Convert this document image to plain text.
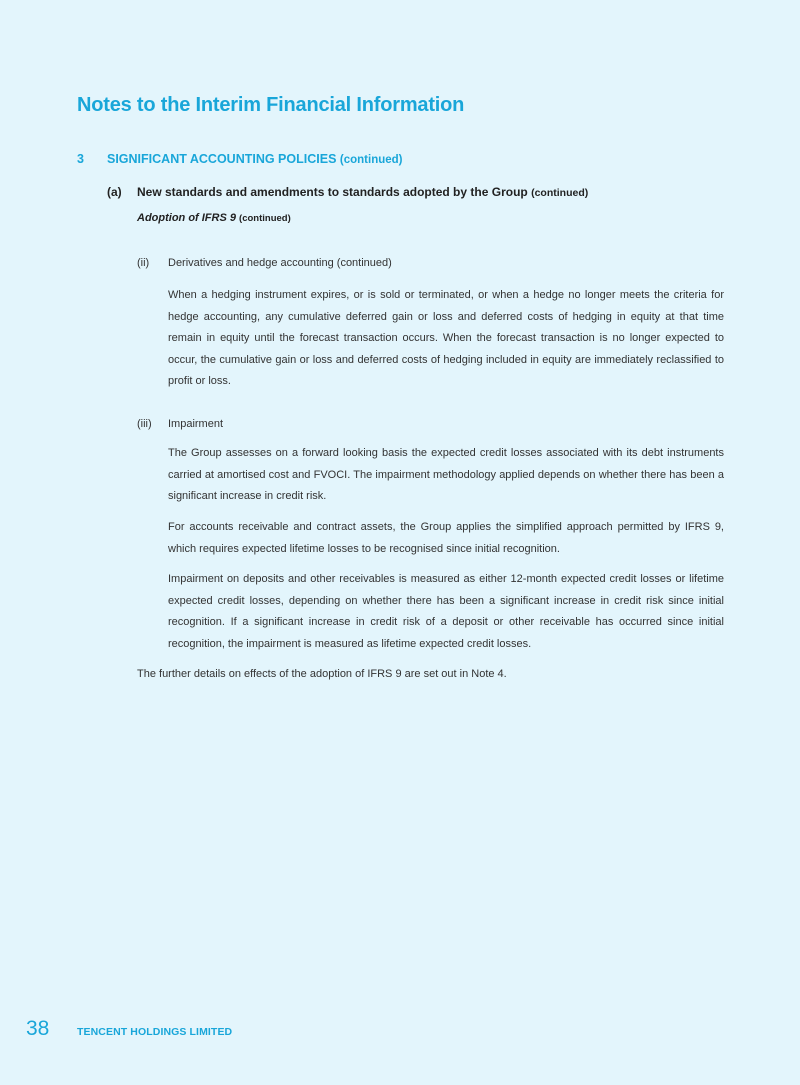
Notes to the Interim Financial Information
3 SIGNIFICANT ACCOUNTING POLICIES (continued)
(a) New standards and amendments to standards adopted by the Group (continued)
Adoption of IFRS 9 (continued)
(ii) Derivatives and hedge accounting (continued)
When a hedging instrument expires, or is sold or terminated, or when a hedge no longer meets the criteria for hedge accounting, any cumulative deferred gain or loss and deferred costs of hedging in equity at that time remain in equity until the forecast transaction occurs. When the forecast transaction is no longer expected to occur, the cumulative gain or loss and deferred costs of hedging included in equity are immediately reclassified to profit or loss.
(iii) Impairment
The Group assesses on a forward looking basis the expected credit losses associated with its debt instruments carried at amortised cost and FVOCI. The impairment methodology applied depends on whether there has been a significant increase in credit risk.
For accounts receivable and contract assets, the Group applies the simplified approach permitted by IFRS 9, which requires expected lifetime losses to be recognised since initial recognition.
Impairment on deposits and other receivables is measured as either 12-month expected credit losses or lifetime expected credit losses, depending on whether there has been a significant increase in credit risk since initial recognition. If a significant increase in credit risk of a deposit or other receivable has occurred since initial recognition, the impairment is measured as lifetime expected credit losses.
The further details on effects of the adoption of IFRS 9 are set out in Note 4.
38	TENCENT HOLDINGS LIMITED
